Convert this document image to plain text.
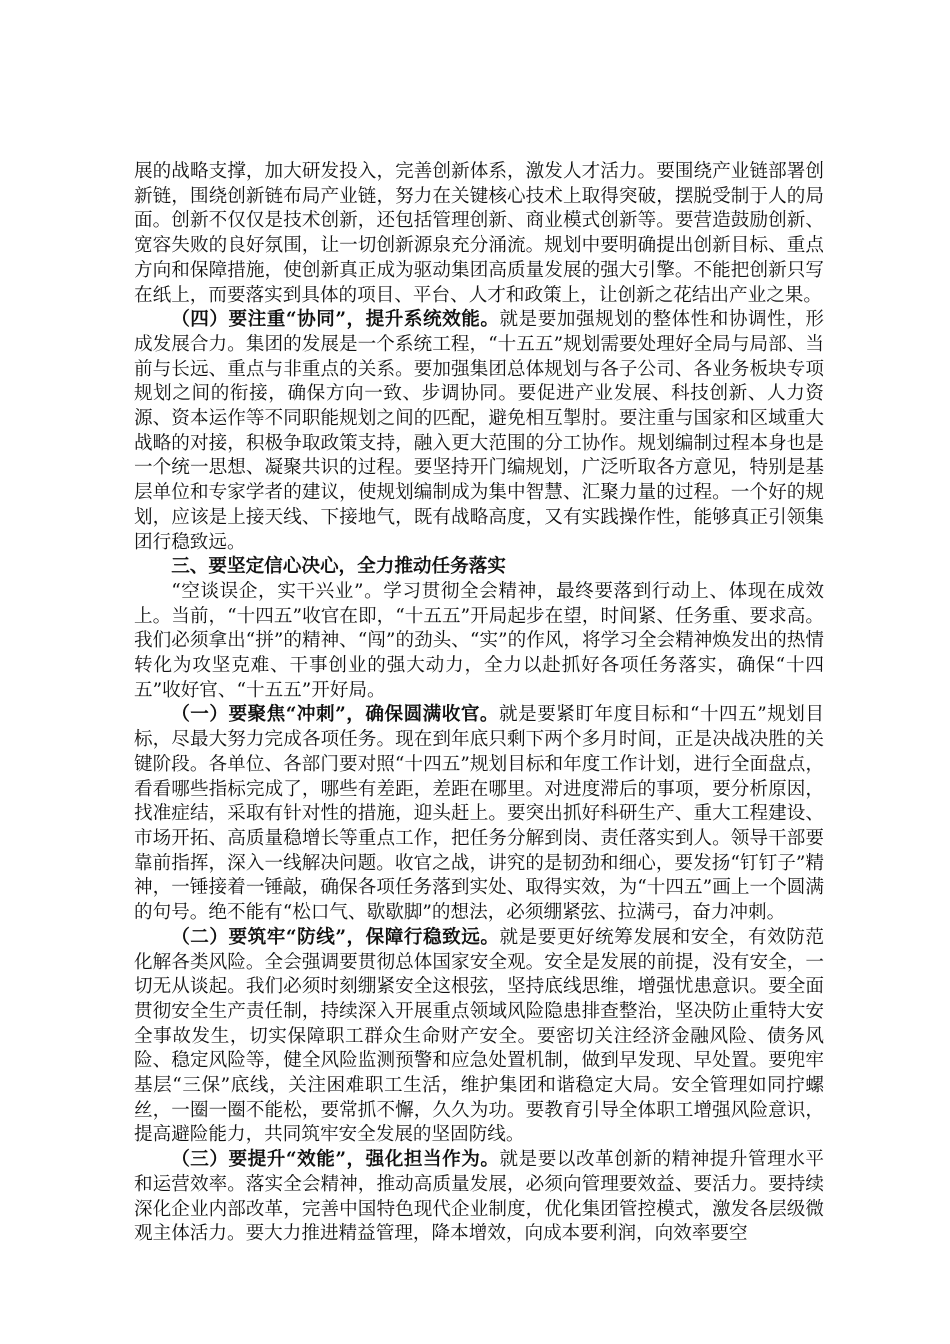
展的战略支撑，加大研发投入，完善创新体系，激发人才活力。要围绕产业链部署创新链，围绕创新链布局产业链，努力在关键核心技术上取得突破，摆脱受制于人的局面。创新不仅仅是技术创新，还包括管理创新、商业模式创新等。要营造鼓励创新、宽容失败的良好氛围，让一切创新源泉充分涌流。规划中要明确提出创新目标、重点方向和保障措施，使创新真正成为驱动集团高质量发展的强大引擎。不能把创新只写在纸上，而要落实到具体的项目、平台、人才和政策上，让创新之花结出产业之果。

（四）要注重“协同”，提升系统效能。就是要加强规划的整体性和协调性，形成发展合力。集团的发展是一个系统工程，“十五五”规划需要处理好全局与局部、当前与长远、重点与非重点的关系。要加强集团总体规划与各子公司、各业务板块专项规划之间的衔接，确保方向一致、步调协同。要促进产业发展、科技创新、人力资源、资本运作等不同职能规划之间的匹配，避免相互掣肘。要注重与国家和区域重大战略的对接，积极争取政策支持，融入更大范围的分工协作。规划编制过程本身也是一个统一思想、凝聚共识的过程。要坚持开门编规划，广泛听取各方意见，特别是基层单位和专家学者的建议，使规划编制成为集中智慧、汇聚力量的过程。一个好的规划，应该是上接天线、下接地气，既有战略高度，又有实践操作性，能够真正引领集团行稳致远。

三、要坚定信心决心，全力推动任务落实

“空谈误企，实干兴业”。学习贯彻全会精神，最终要落到行动上、体现在成效上。当前，“十四五”收官在即，“十五五”开局起步在望，时间紧、任务重、要求高。我们必须拿出“拼”的精神、“闯”的劲头、“实”的作风，将学习全会精神焕发出的热情转化为攻坚克难、干事创业的强大动力，全力以赴抓好各项任务落实，确保“十四五”收好官、“十五五”开好局。

（一）要聚焦“冲刺”，确保圆满收官。就是要紧盯年度目标和“十四五”规划目标，尽最大努力完成各项任务。现在到年底只剩下两个多月时间，正是决战决胜的关键阶段。各单位、各部门要对照“十四五”规划目标和年度工作计划，进行全面盘点，看看哪些指标完成了，哪些有差距，差距在哪里。对进度滞后的事项，要分析原因，找准症结，采取有针对性的措施，迎头赶上。要突出抓好科研生产、重大工程建设、市场开拓、高质量稳增长等重点工作，把任务分解到岗、责任落实到人。领导干部要靠前指挥，深入一线解决问题。收官之战，讲究的是韧劲和细心，要发扬“钉钉子”精神，一锤接着一锤敲，确保各项任务落到实处、取得实效，为“十四五”画上一个圆满的句号。绝不能有“松口气、歇歇脚”的想法，必须绷紧弦、拉满弓，奋力冲刺。

（二）要筑牢“防线”，保障行稳致远。就是要更好统筹发展和安全，有效防范化解各类风险。全会强调要贯彻总体国家安全观。安全是发展的前提，没有安全，一切无从谈起。我们必须时刻绷紧安全这根弦，坚持底线思维，增强忧患意识。要全面贯彻安全生产责任制，持续深入开展重点领域风险隐患排查整治，坚决防止重特大安全事故发生，切实保障职工群众生命财产安全。要密切关注经济金融风险、债务风险、稳定风险等，健全风险监测预警和应急处置机制，做到早发现、早处置。要兜牢基层“三保”底线，关注困难职工生活，维护集团和谐稳定大局。安全管理如同拧螺丝，一圈一圈不能松，要常抓不懈，久久为功。要教育引导全体职工增强风险意识，提高避险能力，共同筑牢安全发展的坚固防线。

（三）要提升“效能”，强化担当作为。就是要以改革创新的精神提升管理水平和运营效率。落实全会精神，推动高质量发展，必须向管理要效益、要活力。要持续深化企业内部改革，完善中国特色现代企业制度，优化集团管控模式，激发各层级微观主体活力。要大力推进精益管理，降本增效，向成本要利润，向效率要空
